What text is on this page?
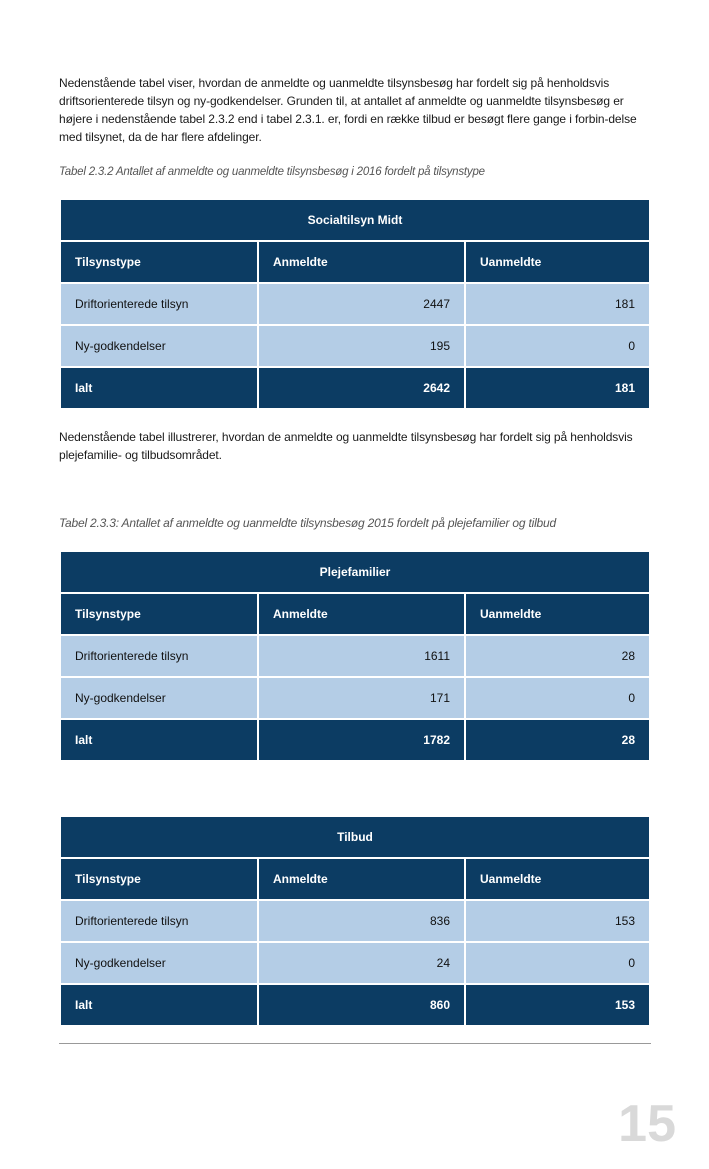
Nedenstående tabel viser, hvordan de anmeldte og uanmeldte tilsynsbesøg har fordelt sig på henholdsvis driftsorienterede tilsyn og ny-godkendelser. Grunden til, at antallet af anmeldte og uanmeldte tilsynsbesøg er højere i nedenstående tabel 2.3.2 end i tabel 2.3.1. er, fordi en række tilbud er besøgt flere gange i forbin-delse med tilsynet, da de har flere afdelinger.

Tabel 2.3.2 Antallet af anmeldte og uanmeldte tilsynsbesøg i 2016 fordelt på tilsynstype

Socialtilsyn Midt		
Tilsynstype	Anmeldte	Uanmeldte
Driftorienterede tilsyn	2447	181
Ny-godkendelser	195	0
Ialt	2642	181

Nedenstående tabel illustrerer, hvordan de anmeldte og uanmeldte tilsynsbesøg har fordelt sig på henholdsvis plejefamilie- og tilbudsområdet.

Tabel 2.3.3: Antallet af anmeldte og uanmeldte tilsynsbesøg 2015 fordelt på plejefamilier og tilbud

Plejefamilier		
Tilsynstype	Anmeldte	Uanmeldte
Driftorienterede tilsyn	1611	28
Ny-godkendelser	171	0
Ialt	1782	28
Tilbud		
Tilsynstype	Anmeldte	Uanmeldte
Driftorienterede tilsyn	836	153
Ny-godkendelser	24	0
Ialt	860	153
15
